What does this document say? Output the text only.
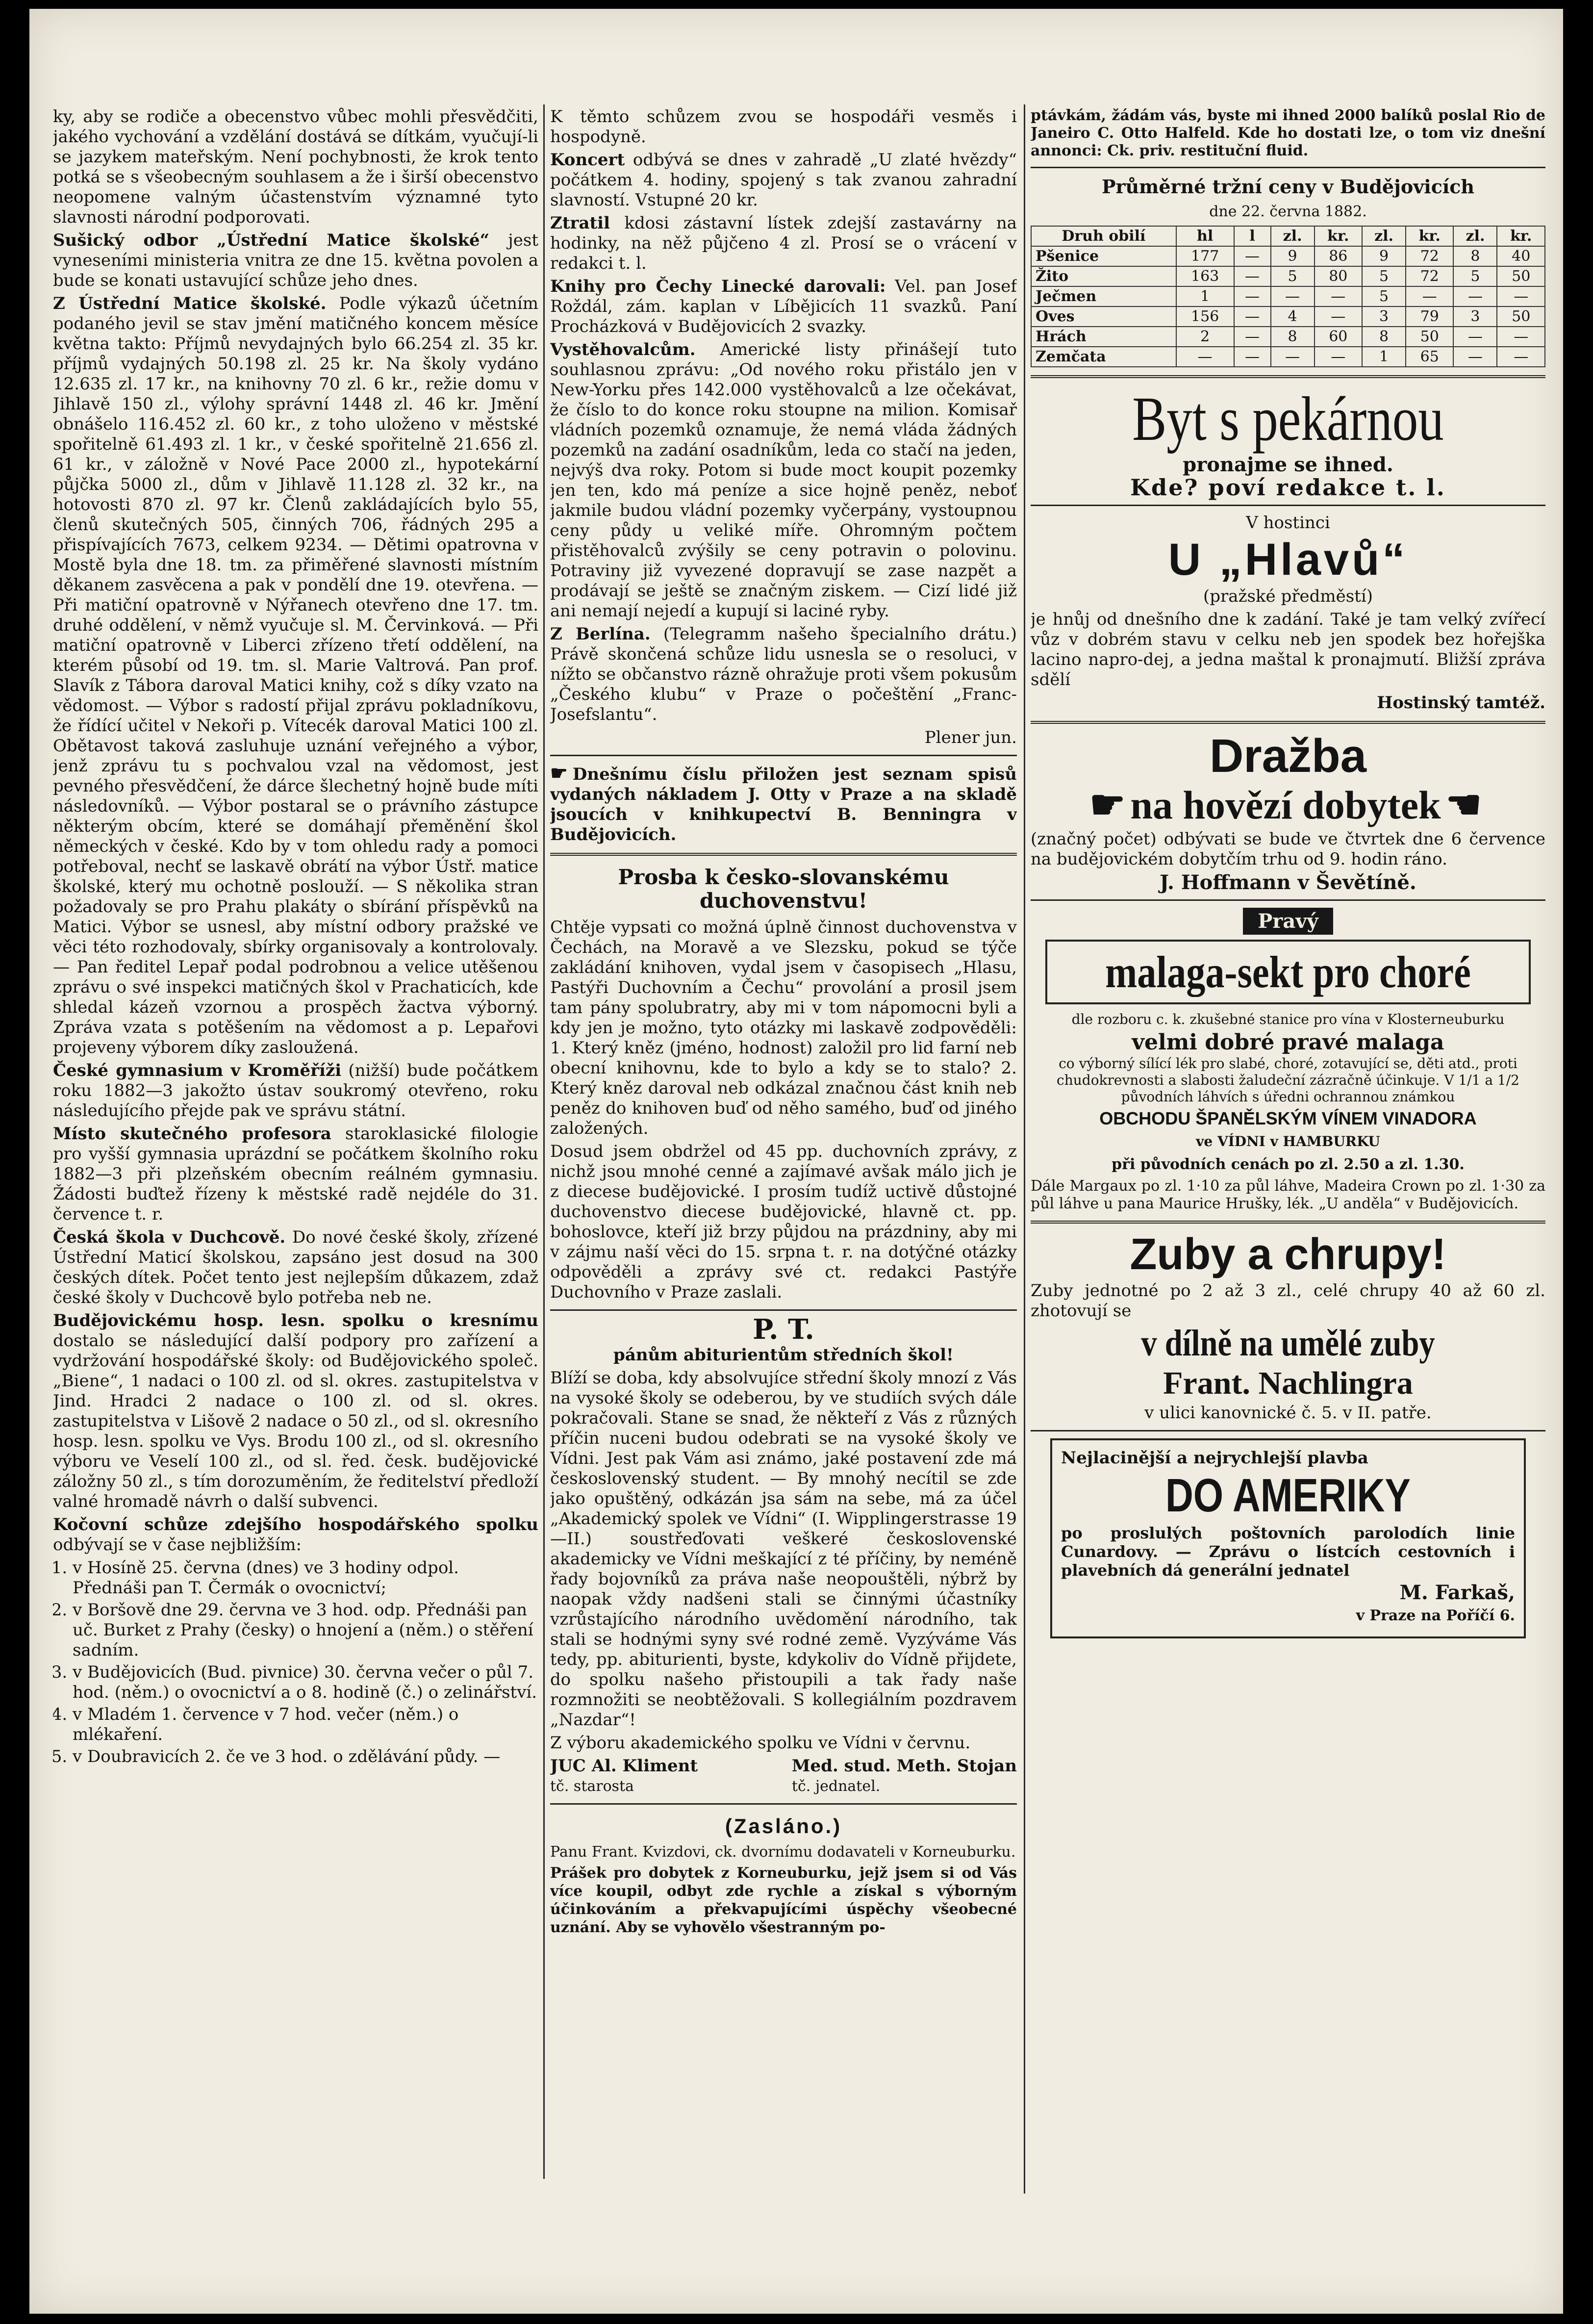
ky, aby se rodiče a obecenstvo vůbec mohli přesvědčiti, jakého vychování a vzdělání dostává se dítkám, vyučují-li se jazykem mateřským. Není pochybnosti, že krok tento potká se s všeobecným souhlasem a že i širší obecenstvo neopomene valným účastenstvím významné tyto slavnosti národní podporovati.

Sušický odbor „Ústřední Matice školské“ jest vyneseními ministeria vnitra ze dne 15. května povolen a bude se konati ustavující schůze jeho dnes.

Z Ústřední Matice školské. Podle výkazů účetním podaného jevil se stav jmění matičného koncem měsíce května takto: Příjmů nevydajných bylo 66.254 zl. 35 kr. příjmů vydajných 50.198 zl. 25 kr. Na školy vydáno 12.635 zl. 17 kr., na knihovny 70 zl. 6 kr., režie domu v Jihlavě 150 zl., výlohy správní 1448 zl. 46 kr. Jmění obnášelo 116.452 zl. 60 kr., z toho uloženo v městské spořitelně 61.493 zl. 1 kr., v české spořitelně 21.656 zl. 61 kr., v záložně v Nové Pace 2000 zl., hypotekární půjčka 5000 zl., dům v Jihlavě 11.128 zl. 32 kr., na hotovosti 870 zl. 97 kr. Členů zakládajících bylo 55, členů skutečných 505, činných 706, řádných 295 a přispívajících 7673, celkem 9234. — Dětimi opatrovna v Mostě byla dne 18. tm. za přiměřené slavnosti místním děkanem zasvěcena a pak v pondělí dne 19. otevřena. — Při matiční opatrovně v Nýřanech otevřeno dne 17. tm. druhé oddělení, v němž vyučuje sl. M. Červinková. — Při matiční opatrovně v Liberci zřízeno třetí oddělení, na kterém působí od 19. tm. sl. Marie Valtrová. Pan prof. Slavík z Tábora daroval Matici knihy, což s díky vzato na vědomost. — Výbor s radostí přijal zprávu pokladníkovu, že řídící učitel v Nekoři p. Vítecék daroval Matici 100 zl. Obětavost taková zasluhuje uznání veřejného a výbor, jenž zprávu tu s pochvalou vzal na vědomost, jest pevného přesvědčení, že dárce šlechetný hojně bude míti následovníků. — Výbor postaral se o právního zástupce některým obcím, které se domáhají přeměnění škol německých v české. Kdo by v tom ohledu rady a pomoci potřeboval, nechť se laskavě obrátí na výbor Ústř. matice školské, který mu ochotně poslouží. — S několika stran požadovaly se pro Prahu plakáty o sbírání příspěvků na Matici. Výbor se usnesl, aby místní odbory pražské ve věci této rozhodovaly, sbírky organisovaly a kontrolovaly. — Pan ředitel Lepař podal podrobnou a velice utěšenou zprávu o své inspekci matičných škol v Prachaticích, kde shledal kázeň vzornou a prospěch žactva výborný. Zpráva vzata s potěšením na vědomost a p. Lepařovi projeveny výborem díky zasloužená.

České gymnasium v Kroměříži (nižší) bude počátkem roku 1882—3 jakožto ústav soukromý otevřeno, roku následujícího přejde pak ve správu státní.

Místo skutečného profesora staroklasické filologie pro vyšší gymnasia uprázdní se počátkem školního roku 1882—3 při plzeňském obecním reálném gymnasiu. Žádosti buďtež řízeny k městské radě nejdéle do 31. července t. r.

Česká škola v Duchcově. Do nové české školy, zřízené Ústřední Maticí školskou, zapsáno jest dosud na 300 českých dítek. Počet tento jest nejlepším důkazem, zdaž české školy v Duchcově bylo potřeba neb ne.

Budějovickému hosp. lesn. spolku o kresnímu dostalo se následující další podpory pro zařízení a vydržování hospodářské školy: od Budějovického společ. „Biene“, 1 nadaci o 100 zl. od sl. okres. zastupitelstva v Jind. Hradci 2 nadace o 100 zl. od sl. okres. zastupitelstva v Lišově 2 nadace o 50 zl., od sl. okresního hosp. lesn. spolku ve Vys. Brodu 100 zl., od sl. okresního výboru ve Veselí 100 zl., od sl. řed. česk. budějovické záložny 50 zl., s tím dorozuměním, že ředitelství předloží valné hromadě návrh o další subvenci.

Kočovní schůze zdejšího hospodářského spolku odbývají se v čase nejbližším:

1. v Hosíně 25. června (dnes) ve 3 hodiny odpol. Přednáši pan T. Čermák o ovocnictví;
2. v Boršově dne 29. června ve 3 hod. odp. Přednáši pan uč. Burket z Prahy (česky) o hnojení a (něm.) o stěření sadním.
3. v Budějovicích (Bud. pivnice) 30. června večer o půl 7. hod. (něm.) o ovocnictví a o 8. hodině (č.) o zelinářství.
4. v Mladém 1. července v 7 hod. večer (něm.) o mlékaření.
5. v Doubravicích 2. če ve 3 hod. o zdělávání půdy. —

K těmto schůzem zvou se hospodáři vesměs i hospodyně.

Koncert odbývá se dnes v zahradě „U zlaté hvězdy“ počátkem 4. hodiny, spojený s tak zvanou zahradní slavností. Vstupné 20 kr.

Ztratil kdosi zástavní lístek zdejší zastavárny na hodinky, na něž půjčeno 4 zl. Prosí se o vrácení v redakci t. l.

Knihy pro Čechy Linecké darovali: Vel. pan Josef Roždál, zám. kaplan v Líbějicích 11 svazků. Paní Procházková v Budějovicích 2 svazky.

Vystěhovalcům. Americké listy přinášejí tuto souhlasnou zprávu: „Od nového roku přistálo jen v New-Yorku přes 142.000 vystěhovalců a lze očekávat, že číslo to do konce roku stoupne na milion. Komisař vládních pozemků oznamuje, že nemá vláda žádných pozemků na zadání osadníkům, leda co stačí na jeden, nejvýš dva roky. Potom si bude moct koupit pozemky jen ten, kdo má peníze a sice hojně peněz, neboť jakmile budou vládní pozemky vyčerpány, vystoupnou ceny půdy u veliké míře. Ohromným počtem přistěhovalců zvýšily se ceny potravin o polovinu. Potraviny již vyvezené dopravují se zase nazpět a prodávají se ještě se značným ziskem. — Cizí lidé již ani nemají nejedí a kupují si laciné ryby.

Z Berlína. (Telegramm našeho špecialního drátu.) Právě skončená schůze lidu usnesla se o resoluci, v nížto se občanstvo rázně ohražuje proti všem pokusům „Českého klubu“ v Praze o počeštění „Franc-Josefslantu“.

Plener jun.

☛ Dnešnímu číslu přiložen jest seznam spisů vydaných nákladem J. Otty v Praze a na skladě jsoucích v knihkupectví B. Benningra v Budějovicích.

Prosba k česko-slovanskému duchovenstvu!

Chtěje vypsati co možná úplně činnost duchovenstva v Čechách, na Moravě a ve Slezsku, pokud se týče zakládání knihoven, vydal jsem v časopisech „Hlasu, Pastýři Duchovním a Čechu“ provolání a prosil jsem tam pány spolubratry, aby mi v tom nápomocni byli a kdy jen je možno, tyto otázky mi laskavě zodpověděli: 1. Který kněz (jméno, hodnost) založil pro lid farní neb obecní knihovnu, kde to bylo a kdy se to stalo? 2. Který kněz daroval neb odkázal značnou část knih neb peněz do knihoven buď od něho samého, buď od jiného založených.

Dosud jsem obdržel od 45 pp. duchovních zprávy, z nichž jsou mnohé cenné a zajímavé avšak málo jich je z diecese budějovické. I prosím tudíž uctivě důstojné duchovenstvo diecese budějovické, hlavně ct. pp. bohoslovce, kteří již brzy půjdou na prázdniny, aby mi v zájmu naší věci do 15. srpna t. r. na dotýčné otázky odpověděli a zprávy své ct. redakci Pastýře Duchovního v Praze zaslali.

P. T.

pánům abiturientům středních škol!

Blíží se doba, kdy absolvujíce střední školy mnozí z Vás na vysoké školy se odeberou, by ve studiích svých dále pokračovali. Stane se snad, že někteří z Vás z různých příčin nuceni budou odebrati se na vysoké školy ve Vídni. Jest pak Vám asi známo, jaké postavení zde má československý student. — By mnohý necítil se zde jako opuštěný, odkázán jsa sám na sebe, má za účel „Akademický spolek ve Vídni“ (I. Wipplingerstrasse 19—II.) soustřeďovati veškeré československé akademicky ve Vídni meškající z té příčiny, by neméně řady bojovníků za práva naše neopouštěli, nýbrž by naopak vždy nadšeni stali se činnými účastníky vzrůstajícího národního uvědomění národního, tak stali se hodnými syny své rodné země. Vyzýváme Vás tedy, pp. abiturienti, byste, kdykoliv do Vídně přijdete, do spolku našeho přistoupili a tak řady naše rozmnožiti se neobtěžovali. S kollegiálním pozdravem „Nazdar“!

Z výboru akademického spolku ve Vídni v červnu.

JUC Al. Kliment

tč. starosta

Med. stud. Meth. Stojan

tč. jednatel.

(Zasláno.)

Panu Frant. Kvizdovi, ck. dvornímu dodavateli v Korneuburku.

Prášek pro dobytek z Korneuburku, jejž jsem si od Vás více koupil, odbyt zde rychle a získal s výborným účinkováním a překvapujícími úspěchy všeobecné uznání. Aby se vyhovělo všestranným po-

ptávkám, žádám vás, byste mi ihned 2000 balíků poslal Rio de Janeiro C. Otto Halfeld. Kde ho dostati lze, o tom viz dnešní annonci: Ck. priv. restituční fluid.

Průměrné tržní ceny v Budějovicích

dne 22. června 1882.

Druh obilí	hl	l	zl.	kr.	zl.	kr.	zl.	kr.
Pšenice	177	—	9	86	9	72	8	40
Žito	163	—	5	80	5	72	5	50
Ječmen	1	—	—	—	5	—	—	—
Oves	156	—	4	—	3	79	3	50
Hrách	2	—	8	60	8	50	—	—
Zemčata	—	—	—	—	1	65	—	—
Byt s pekárnou

pronajme se ihned.

Kde? poví redakce t. l.

V hostinci

U „Hlavů“

(pražské předměstí)

je hnůj od dnešního dne k zadání. Také je tam velký zvířecí vůz v dobrém stavu v celku neb jen spodek bez hořejška lacino napro-dej, a jedna maštal k pronajmutí. Bližší zpráva sdělí

Hostinský tamtéž.

Dražba
☛ na hovězí dobytek ☚

(značný počet) odbývati se bude ve čtvrtek dne 6 července na budějovickém dobytčím trhu od 9. hodin ráno.

J. Hoffmann v Ševětíně.

Pravý
malaga-sekt pro choré

dle rozboru c. k. zkušebné stanice pro vína v Klosterneuburku

velmi dobré pravé malaga

co výborný sílící lék pro slabé, choré, zotavující se, děti atd., proti chudokrevnosti a slabosti žaludeční zázračně účinkuje. V 1/1 a 1/2 původních láhvích s úředni ochrannou známkou

OBCHODU ŠPANĚLSKÝM VÍNEM VINADORA

ve VÍDNI v HAMBURKU

při původních cenách po zl. 2.50 a zl. 1.30.

Dále Margaux po zl. 1·10 za půl láhve, Madeira Crown po zl. 1·30 za půl láhve u pana Maurice Hrušky, lék. „U anděla“ v Budějovicích.

Zuby a chrupy!

Zuby jednotné po 2 až 3 zl., celé chrupy 40 až 60 zl. zhotovují se

v dílně na umělé zuby
Frant. Nachlingra

v ulici kanovnické č. 5. v II. patře.

Nejlacinější a nejrychlejší plavba

DO AMERIKY

po proslulých poštovních parolodích linie Cunardovy. — Zprávu o lístcích cestovních i plavebních dá generální jednatel

M. Farkaš,

v Praze na Poříčí 6.
